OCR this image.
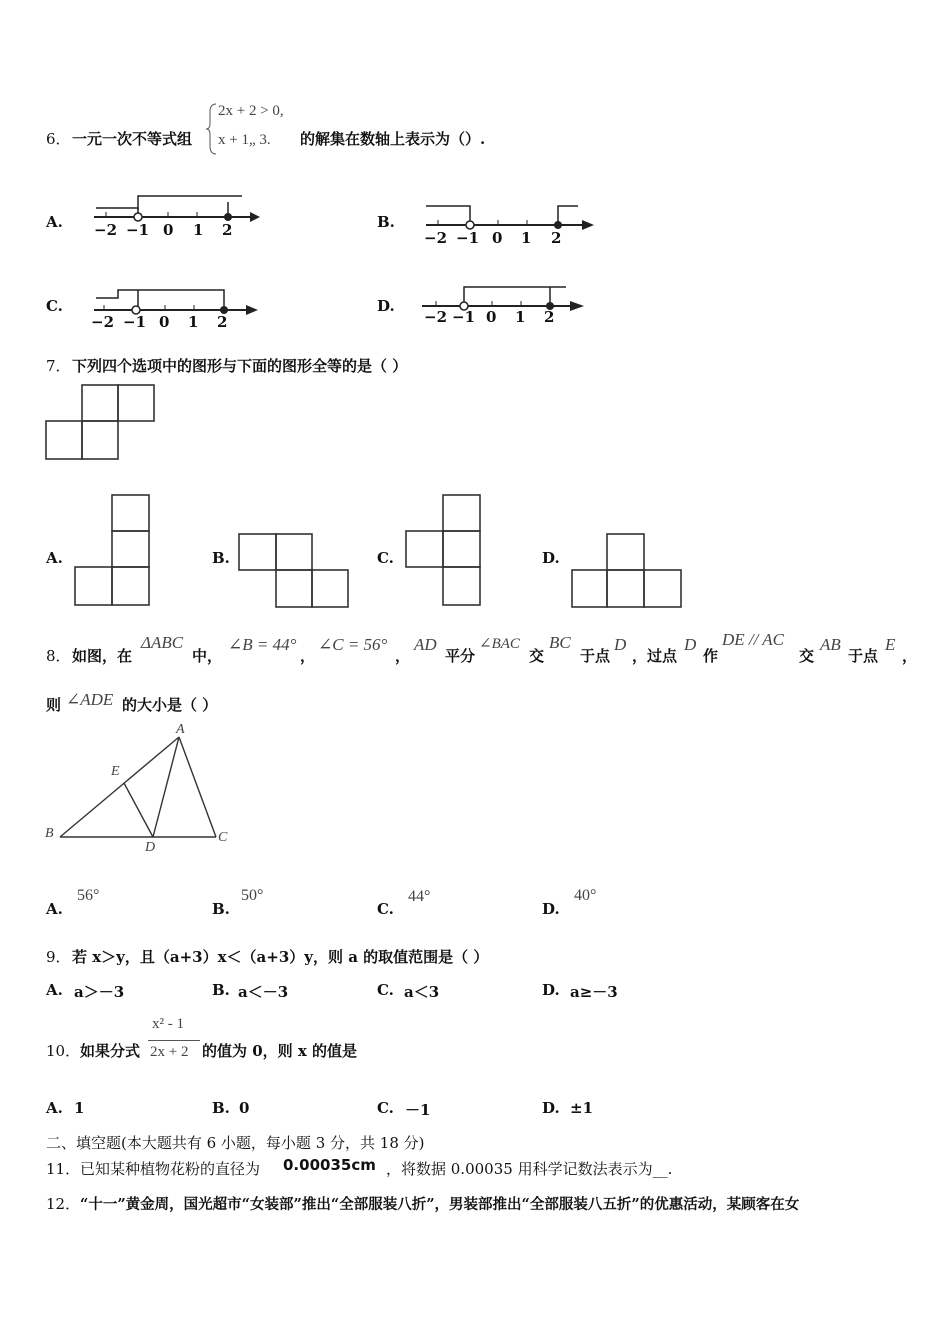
6． 一元一次不等式组
2x + 2 > 0,
x + 1„ 3. 的解集在数轴上表示为（）.
A. −2 −1 0 1 2	B.
−2 −1 0 1 2
C.
−2 −1 0 1 2
D.
−2 −1 0 1 2
7． 下列四个选项中的图形与下面的图形全等的是（ ）
A.	B.	C.	D.
8． 如图，在
ΔABC
中，
∠B = 44°
，
∠C = 56°
，
AD
平分
∠BAC
交
BC
于点
D
，过点
D
作
DE // AC
交
AB
于点
E
，
则 ∠ADE 的大小是（ ）
A
E
B
D
C
A.
56°
B.
50°
C.
44°
D.
40°
9． 若 x＞y，且（a+3）x＜（a+3）y，则 a 的取值范围是（ ）
A. a＞－3	B. a＜－3	C. a＜3	D. a≥－3
10． 如果分式
x² - 1
2x + 2 的值为 0，则 x 的值是
A. 1	B. 0	C. －1	D. ±1
二、填空题(本大题共有 6 小题，每小题 3 分，共 18 分)
11． 已知某种植物花粉的直径为 0.00035cm ，将数据 0.00035 用科学记数法表示为__.
12． “十一”黄金周，国光超市“女装部”推出“全部服装八折”，男装部推出“全部服装八五折”的优惠活动，某顾客在女
